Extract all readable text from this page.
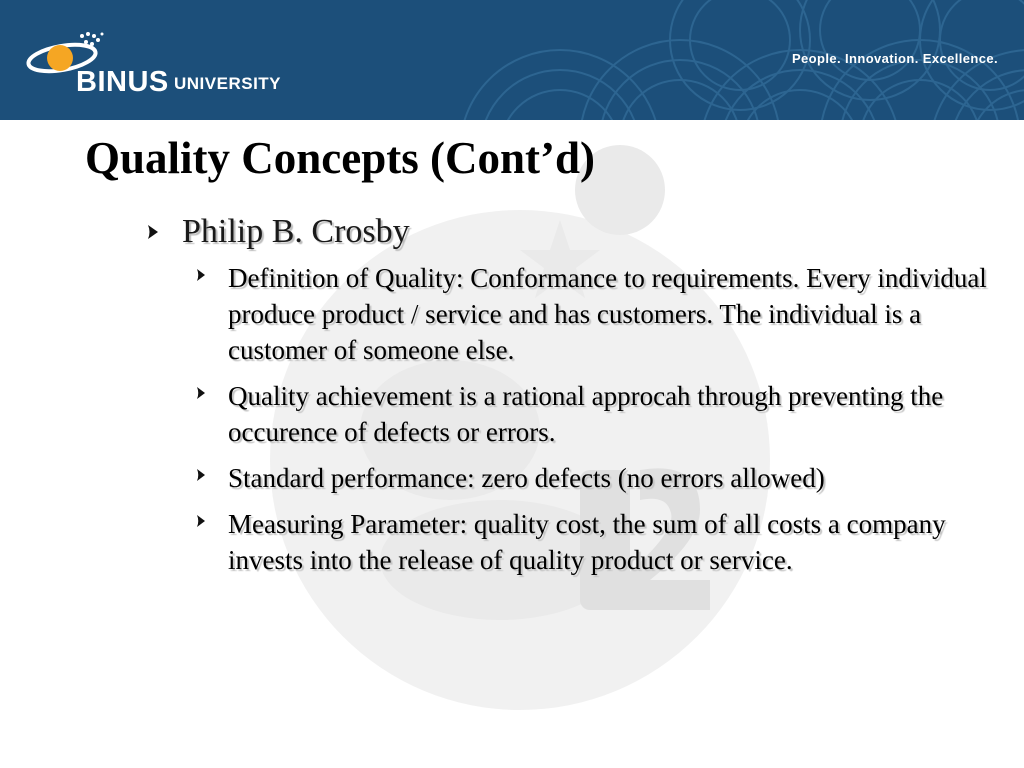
BINUS UNIVERSITY
People. Innovation. Excellence.
Quality Concepts (Cont’d)
Philip B. Crosby
Definition of Quality: Conformance to requirements. Every individual produce product / service and has customers. The individual is a customer of someone else.
Quality achievement is a rational approcah through preventing the occurence of defects or errors.
Standard performance: zero defects (no errors allowed)
Measuring Parameter: quality cost, the sum of all costs a company invests into the release of quality product or service.
